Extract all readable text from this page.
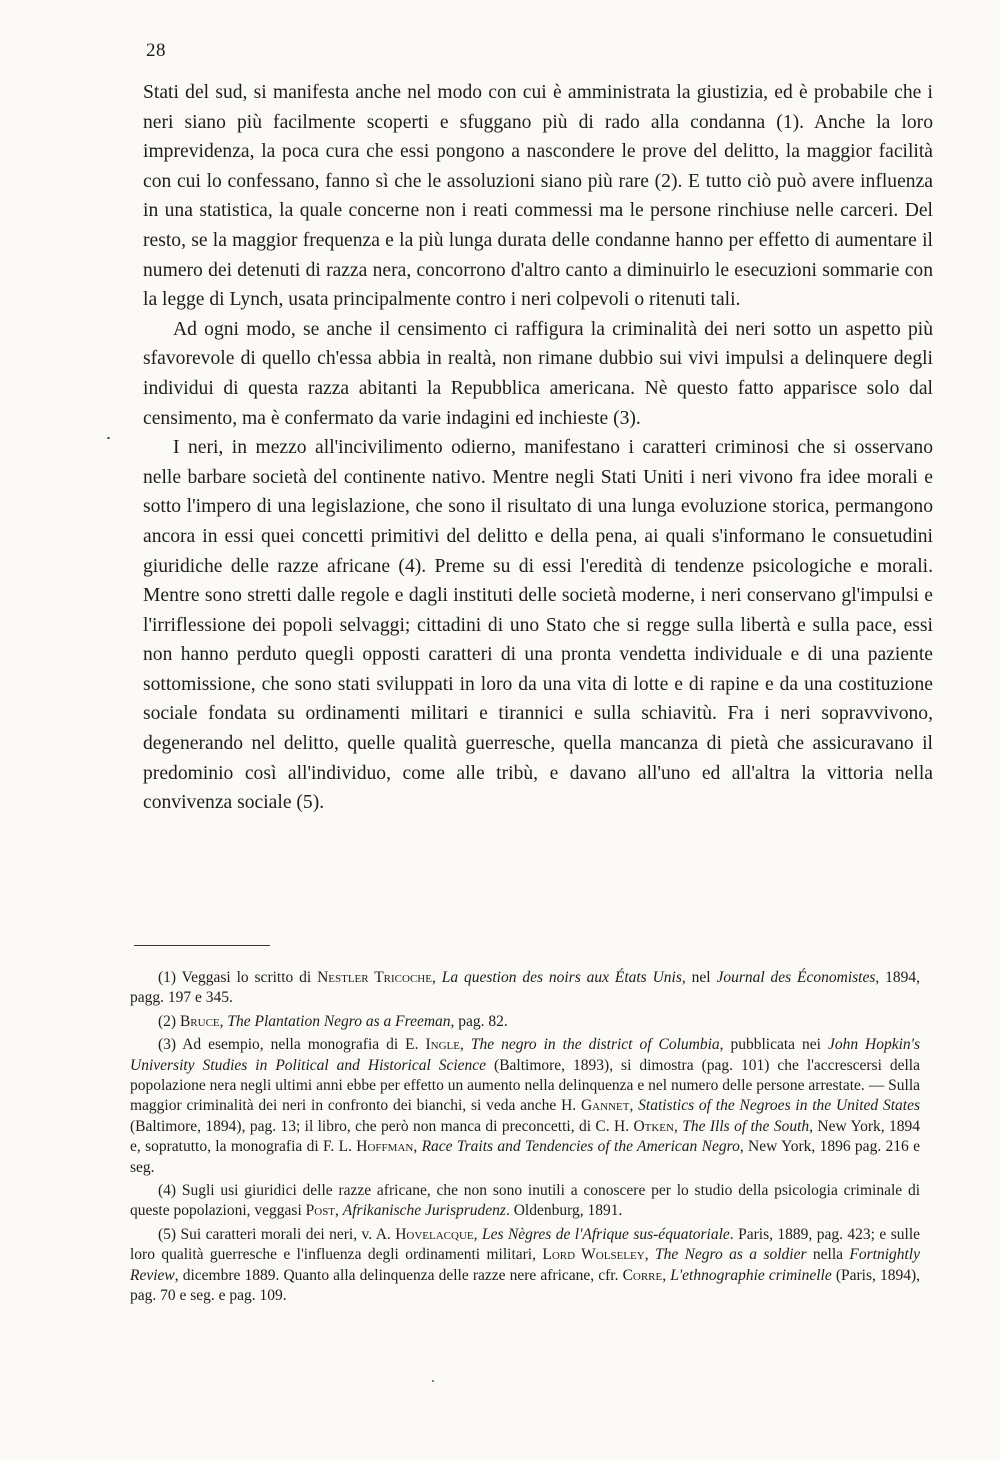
28

Stati del sud, si manifesta anche nel modo con cui è amministrata la giustizia, ed è probabile che i neri siano più facilmente scoperti e sfuggano più di rado alla condanna (1). Anche la loro imprevidenza, la poca cura che essi pongono a nascondere le prove del delitto, la maggior facilità con cui lo confessano, fanno sì che le assoluzioni siano più rare (2). E tutto ciò può avere influenza in una statistica, la quale concerne non i reati commessi ma le persone rinchiuse nelle carceri. Del resto, se la maggior frequenza e la più lunga durata delle condanne hanno per effetto di aumentare il numero dei detenuti di razza nera, concorrono d'altro canto a diminuirlo le esecuzioni sommarie con la legge di Lynch, usata principalmente contro i neri colpevoli o ritenuti tali.

Ad ogni modo, se anche il censimento ci raffigura la criminalità dei neri sotto un aspetto più sfavorevole di quello ch'essa abbia in realtà, non rimane dubbio sui vivi impulsi a delinquere degli individui di questa razza abitanti la Repubblica americana. Nè questo fatto apparisce solo dal censimento, ma è confermato da varie indagini ed inchieste (3).

I neri, in mezzo all'incivilimento odierno, manifestano i caratteri criminosi che si osservano nelle barbare società del continente nativo. Mentre negli Stati Uniti i neri vivono fra idee morali e sotto l'impero di una legislazione, che sono il risultato di una lunga evoluzione storica, permangono ancora in essi quei concetti primitivi del delitto e della pena, ai quali s'informano le consuetudini giuridiche delle razze africane (4). Preme su di essi l'eredità di tendenze psicologiche e morali. Mentre sono stretti dalle regole e dagli instituti delle società moderne, i neri conservano gl'impulsi e l'irriflessione dei popoli selvaggi; cittadini di uno Stato che si regge sulla libertà e sulla pace, essi non hanno perduto quegli opposti caratteri di una pronta vendetta individuale e di una paziente sottomissione, che sono stati sviluppati in loro da una vita di lotte e di rapine e da una costituzione sociale fondata su ordinamenti militari e tirannici e sulla schiavitù. Fra i neri sopravvivono, degenerando nel delitto, quelle qualità guerresche, quella mancanza di pietà che assicuravano il predominio così all'individuo, come alle tribù, e davano all'uno ed all'altra la vittoria nella convivenza sociale (5).

(1) Veggasi lo scritto di Nestler Tricoche, La question des noirs aux États Unis, nel Journal des Économistes, 1894, pagg. 197 e 345.

(2) Bruce, The Plantation Negro as a Freeman, pag. 82.

(3) Ad esempio, nella monografia di E. Ingle, The negro in the district of Columbia, pubblicata nei John Hopkin's University Studies in Political and Historical Science (Baltimore, 1893), si dimostra (pag. 101) che l'accrescersi della popolazione nera negli ultimi anni ebbe per effetto un aumento nella delinquenza e nel numero delle persone arrestate. — Sulla maggior criminalità dei neri in confronto dei bianchi, si veda anche H. Gannet, Statistics of the Negroes in the United States (Baltimore, 1894), pag. 13; il libro, che però non manca di preconcetti, di C. H. Otken, The Ills of the South, New York, 1894 e, sopratutto, la monografia di F. L. Hoffman, Race Traits and Tendencies of the American Negro, New York, 1896 pag. 216 e seg.

(4) Sugli usi giuridici delle razze africane, che non sono inutili a conoscere per lo studio della psicologia criminale di queste popolazioni, veggasi Post, Afrikanische Jurisprudenz. Oldenburg, 1891.

(5) Sui caratteri morali dei neri, v. A. Hovelacque, Les Nègres de l'Afrique sus-équatoriale. Paris, 1889, pag. 423; e sulle loro qualità guerresche e l'influenza degli ordinamenti militari, Lord Wolseley, The Negro as a soldier nella Fortnightly Review, dicembre 1889. Quanto alla delinquenza delle razze nere africane, cfr. Corre, L'ethnographie criminelle (Paris, 1894), pag. 70 e seg. e pag. 109.
